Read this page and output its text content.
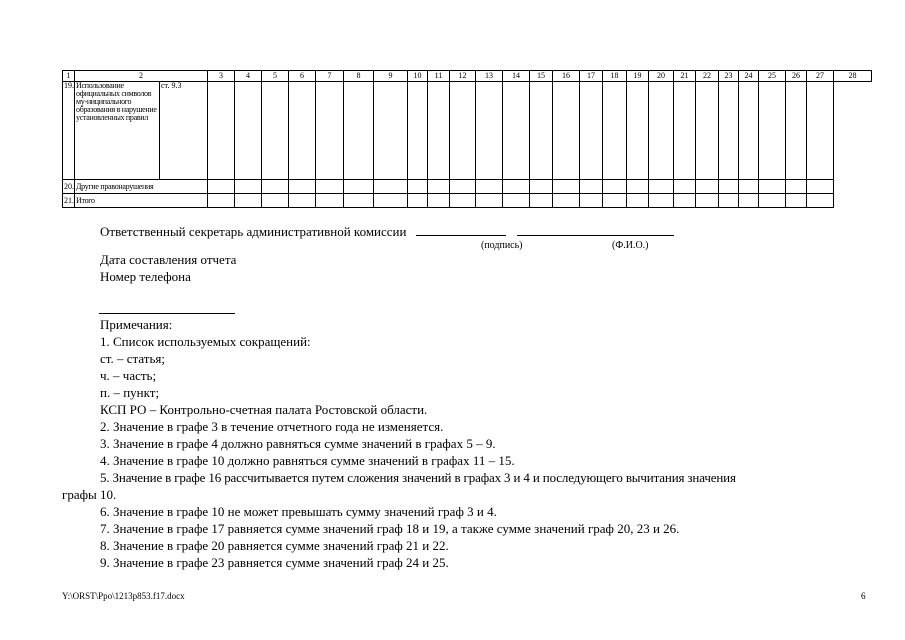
1	2		3	4	5	6	7	8	9	10	11	12	13	14	15	16	17	18	19	20	21	22	23	24	25	26	27	28
19.	Использование официальных символов му-ниципального образования в нарушение установленных правил	ст. 9.3																										
20.	Другие правонарушения																											
21.	Итого																											
Ответственный секретарь административной комиссии
(подпись)	(Ф.И.О.)
Дата составления отчета
Номер телефона
Примечания:
1. Список используемых сокращений:
ст. – статья;
ч. – часть;
п. – пункт;
КСП РО – Контрольно-счетная палата Ростовской области.
2. Значение в графе 3 в течение отчетного года не изменяется.
3. Значение в графе 4 должно равняться сумме значений в графах 5 – 9.
4. Значение в графе 10 должно равняться сумме значений в графах 11 – 15.
5. Значение в графе 16 рассчитывается путем сложения значений в графах 3 и 4 и последующего вычитания значения
графы 10.
6. Значение в графе 10 не может превышать сумму значений граф 3 и 4.
7. Значение в графе 17 равняется сумме значений граф 18 и 19, а также сумме значений граф 20, 23 и 26.
8. Значение в графе 20 равняется сумме значений граф 21 и 22.
9. Значение в графе 23 равняется сумме значений граф 24 и 25.
Y:\ORST\Ppo\1213p853.f17.docx	6
